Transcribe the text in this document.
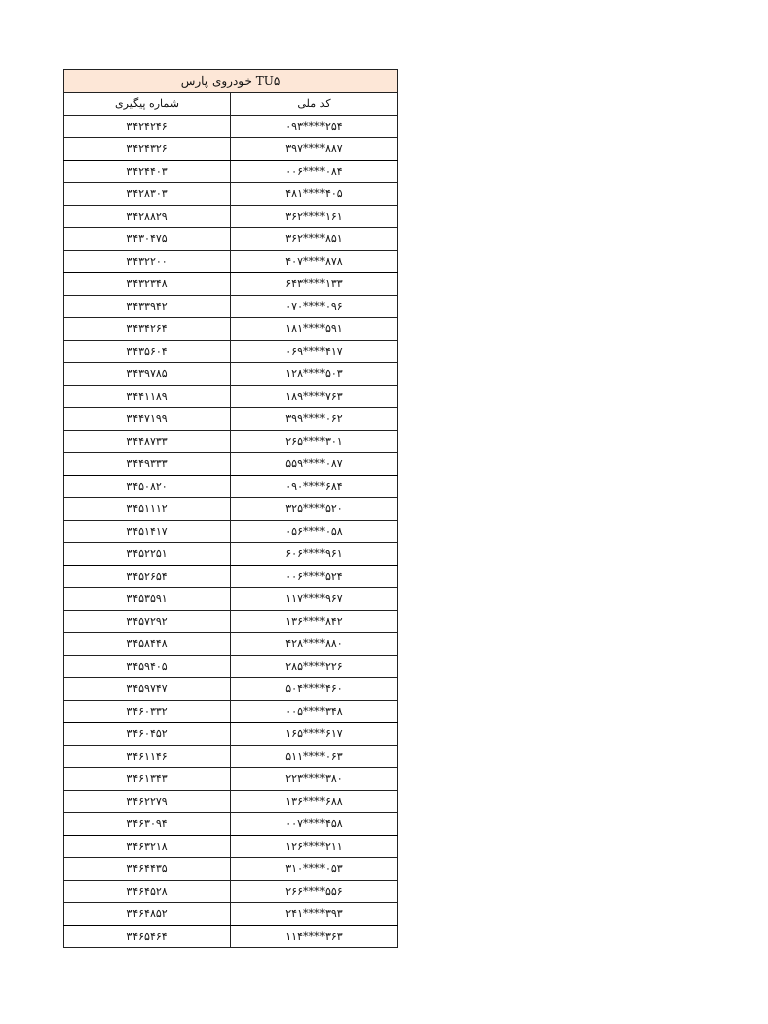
خودروی پارس TU۵	
شماره پیگیری	کد ملی
۳۴۲۴۲۴۶	۰۹۳****۲۵۴
۳۴۲۴۳۲۶	۳۹۷****۸۸۷
۳۴۲۴۴۰۳	۰۰۶****۰۸۴
۳۴۲۸۳۰۳	۴۸۱****۴۰۵
۳۴۲۸۸۲۹	۳۶۲****۱۶۱
۳۴۳۰۴۷۵	۳۶۲****۸۵۱
۳۴۳۲۲۰۰	۴۰۷****۸۷۸
۳۴۳۲۳۴۸	۶۴۳****۱۳۳
۳۴۳۳۹۴۲	۰۷۰****۰۹۶
۳۴۳۴۲۶۴	۱۸۱****۵۹۱
۳۴۳۵۶۰۴	۰۶۹****۴۱۷
۳۴۳۹۷۸۵	۱۲۸****۵۰۳
۳۴۴۱۱۸۹	۱۸۹****۷۶۳
۳۴۴۷۱۹۹	۳۹۹****۰۶۲
۳۴۴۸۷۳۳	۲۶۵****۳۰۱
۳۴۴۹۳۳۳	۵۵۹****۰۸۷
۳۴۵۰۸۲۰	۰۹۰****۶۸۴
۳۴۵۱۱۱۲	۳۲۵****۵۲۰
۳۴۵۱۴۱۷	۰۵۶****۰۵۸
۳۴۵۲۲۵۱	۶۰۶****۹۶۱
۳۴۵۲۶۵۴	۰۰۶****۵۲۴
۳۴۵۳۵۹۱	۱۱۷****۹۶۷
۳۴۵۷۲۹۲	۱۳۶****۸۴۲
۳۴۵۸۴۴۸	۴۲۸****۸۸۰
۳۴۵۹۴۰۵	۲۸۵****۲۲۶
۳۴۵۹۷۴۷	۵۰۴****۴۶۰
۳۴۶۰۳۳۲	۰۰۵****۳۴۸
۳۴۶۰۴۵۲	۱۶۵****۶۱۷
۳۴۶۱۱۴۶	۵۱۱****۰۶۳
۳۴۶۱۳۴۳	۲۲۳****۳۸۰
۳۴۶۲۲۷۹	۱۳۶****۶۸۸
۳۴۶۳۰۹۴	۰۰۷****۴۵۸
۳۴۶۳۲۱۸	۱۲۶****۲۱۱
۳۴۶۴۴۳۵	۳۱۰****۰۵۳
۳۴۶۴۵۲۸	۲۶۶****۵۵۶
۳۴۶۴۸۵۲	۲۴۱****۳۹۳
۳۴۶۵۴۶۴	۱۱۴****۳۶۳
